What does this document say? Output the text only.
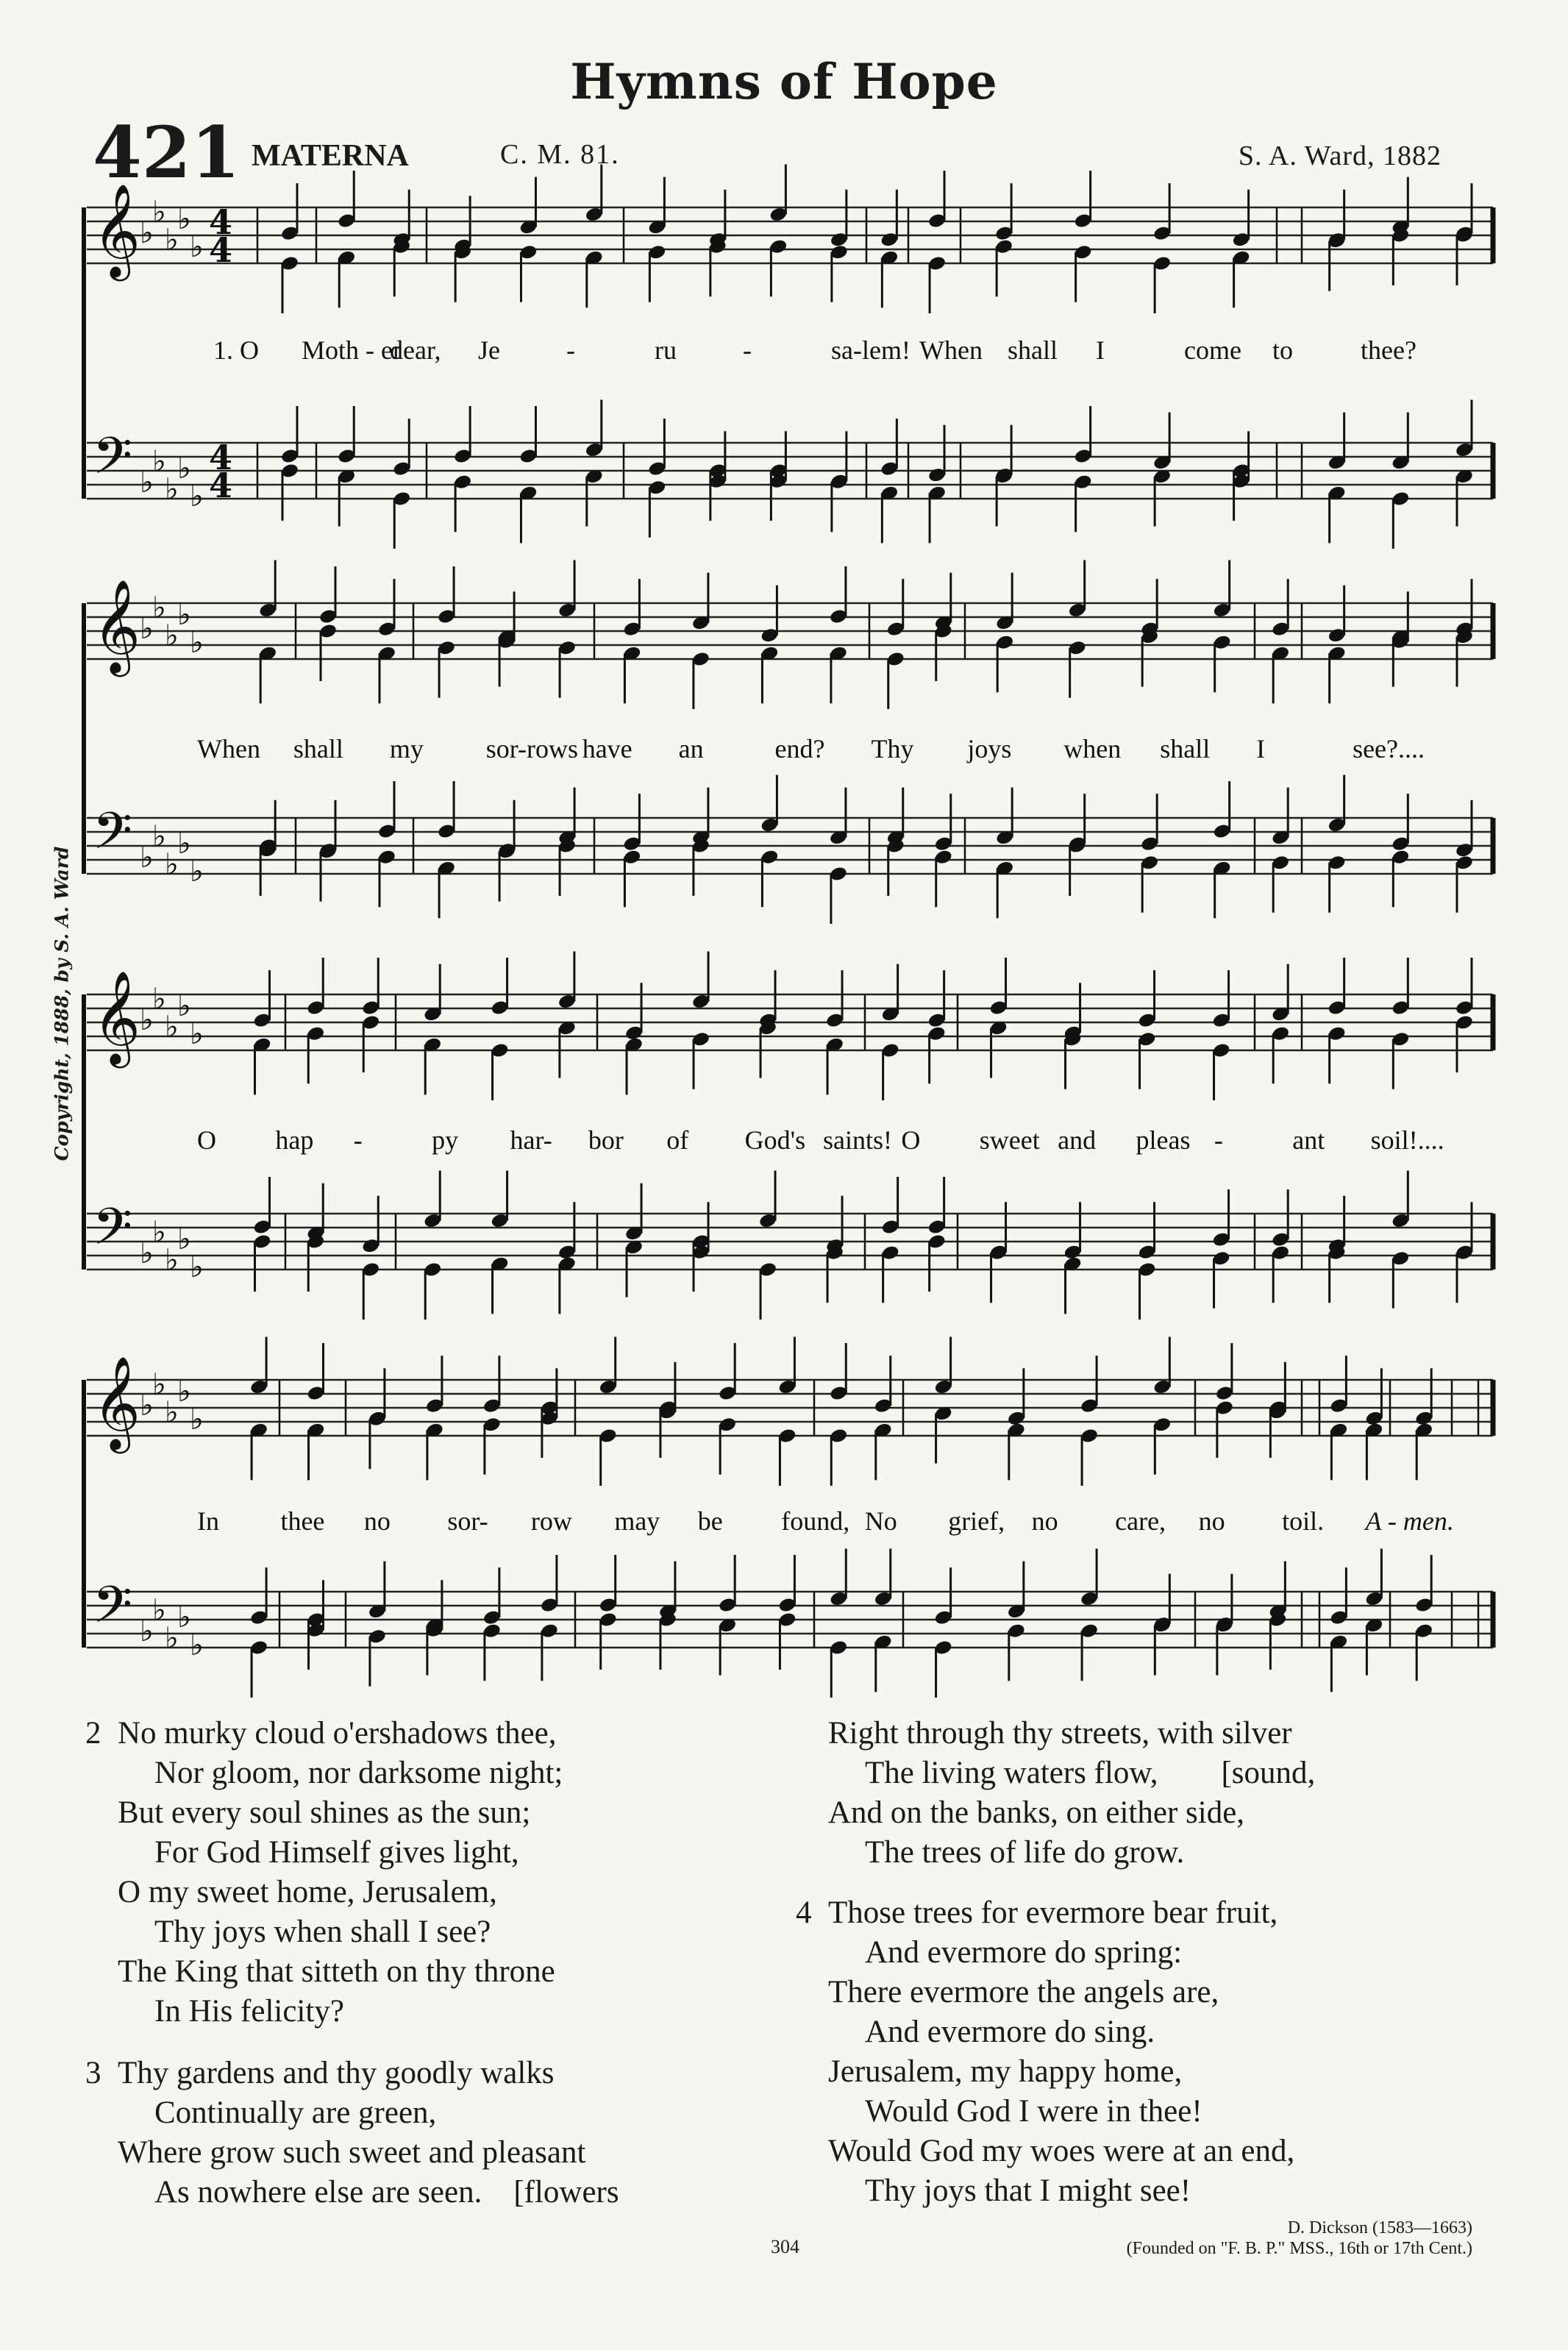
Hymns of Hope
421 MATERNA	C. M. 81.	S. A. Ward, 1882
Copyright, 1888, by S. A. Ward
𝄞
♭
♭
♭
♭
♭
4
4
𝄢 ♭
♭
♭
♭
♭
4
4
1. O Moth - er
dear, Je	-	ru	-	sa-lem! When shall I	come to	thee?
𝄞
♭
♭
♭
♭
♭
𝄢 ♭
♭
♭
♭
♭
When shall my sor-rows have an	end? Thy joys when shall I	see?....
𝄞
♭
♭
♭
♭
♭
𝄢 ♭
♭
♭
♭
♭
O hap -	py har- bor of God's saints! O sweet and pleas -	ant soil!....
𝄞
♭
♭
♭
♭
♭
𝄢 ♭
♭
♭
♭
♭
In thee no sor- row may be found, No grief, no care, no toil. A - men.
2 No murky cloud o'ershadows thee,
Nor gloom, nor darksome night;
But every soul shines as the sun;
For God Himself gives light,
O my sweet home, Jerusalem,
Thy joys when shall I see?
The King that sitteth on thy throne
In His felicity?
3 Thy gardens and thy goodly walks
Continually are green,
Where grow such sweet and pleasant
As nowhere else are seen.    [flowers
Right through thy streets, with silver
The living waters flow,        [sound,
And on the banks, on either side,
The trees of life do grow.
4 Those trees for evermore bear fruit,
And evermore do spring:
There evermore the angels are,
And evermore do sing.
Jerusalem, my happy home,
Would God I were in thee!
Would God my woes were at an end,
Thy joys that I might see!
D. Dickson (1583—1663)
(Founded on "F. B. P." MSS., 16th or 17th Cent.)
304
